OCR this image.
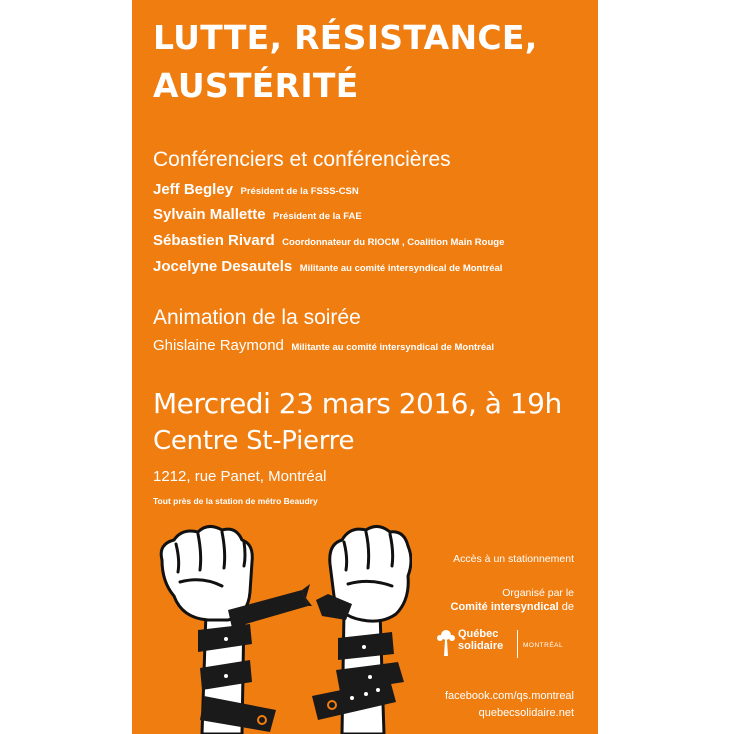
LUTTE, RÉSISTANCE,
AUSTÉRITÉ
Conférenciers et conférencières
Jeff Begley Président de la FSSS-CSN
Sylvain Mallette Président de la FAE
Sébastien Rivard Coordonnateur du RIOCM , Coalition Main Rouge
Jocelyne Desautels Militante au comité intersyndical de Montréal
Animation de la soirée
Ghislaine Raymond Militante au comité intersyndical de Montréal
Mercredi 23 mars 2016, à 19h
Centre St-Pierre
1212, rue Panet, Montréal
Tout près de la station de métro Beaudry
Accès à un stationnement
Organisé par le
Comité intersyndical de
Québec
solidaire	MONTRÉAL
facebook.com/qs.montreal
quebecsolidaire.net
